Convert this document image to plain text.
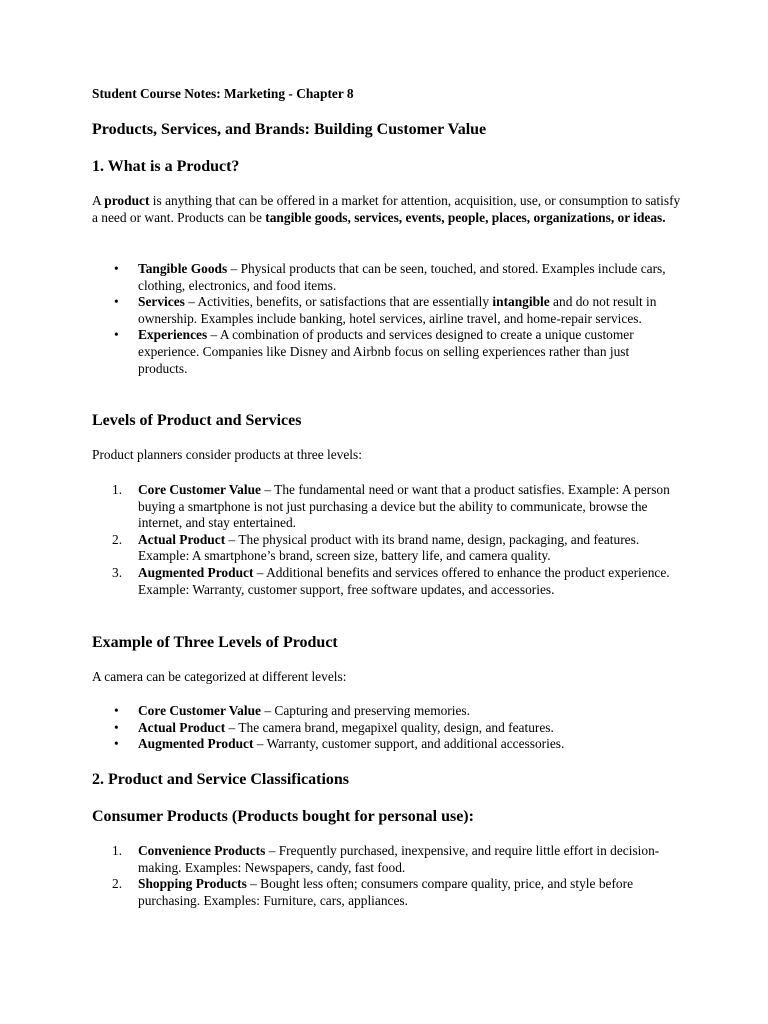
Student Course Notes: Marketing - Chapter 8

Products, Services, and Brands: Building Customer Value
1. What is a Product?

A product is anything that can be offered in a market for attention, acquisition, use, or consumption to satisfy a need or want. Products can be tangible goods, services, events, people, places, organizations, or ideas.

• Tangible Goods – Physical products that can be seen, touched, and stored. Examples include cars, clothing, electronics, and food items.
• Services – Activities, benefits, or satisfactions that are essentially intangible and do not result in ownership. Examples include banking, hotel services, airline travel, and home-repair services.
• Experiences – A combination of products and services designed to create a unique customer experience. Companies like Disney and Airbnb focus on selling experiences rather than just products.
Levels of Product and Services

Product planners consider products at three levels:

1. Core Customer Value – The fundamental need or want that a product satisfies. Example: A person buying a smartphone is not just purchasing a device but the ability to communicate, browse the internet, and stay entertained.
2. Actual Product – The physical product with its brand name, design, packaging, and features. Example: A smartphone’s brand, screen size, battery life, and camera quality.
3. Augmented Product – Additional benefits and services offered to enhance the product experience. Example: Warranty, customer support, free software updates, and accessories.
Example of Three Levels of Product

A camera can be categorized at different levels:

• Core Customer Value – Capturing and preserving memories.
• Actual Product – The camera brand, megapixel quality, design, and features.
• Augmented Product – Warranty, customer support, and additional accessories.
2. Product and Service Classifications
Consumer Products (Products bought for personal use):
1. Convenience Products – Frequently purchased, inexpensive, and require little effort in decision-making. Examples: Newspapers, candy, fast food.
2. Shopping Products – Bought less often; consumers compare quality, price, and style before purchasing. Examples: Furniture, cars, appliances.
